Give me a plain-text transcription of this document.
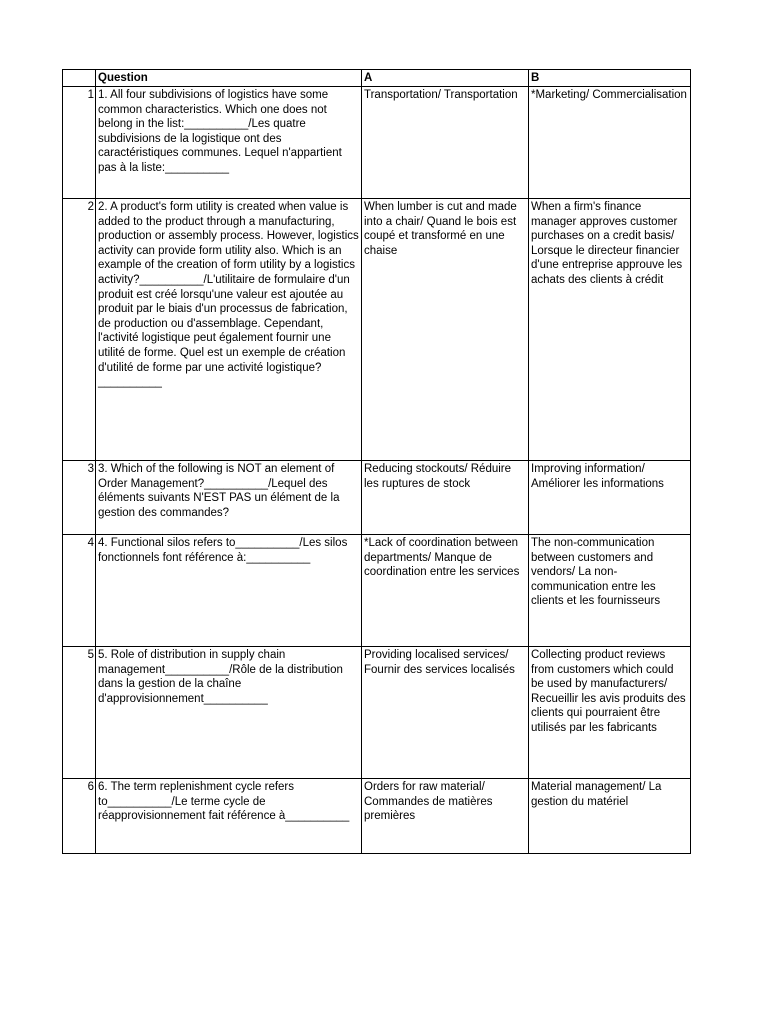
	Question	A	B
1	1. All four subdivisions of logistics have some common characteristics. Which one does not belong in the list:__________/Les quatre subdivisions de la logistique ont des caractéristiques communes. Lequel n'appartient pas à la liste:__________	Transportation/ Transportation	*Marketing/ Commercialisation
2	2. A product's form utility is created when value is added to the product through a manufacturing, production or assembly process. However, logistics activity can provide form utility also. Which is an example of the creation of form utility by a logistics activity?__________/L'utilitaire de formulaire d'un produit est créé lorsqu'une valeur est ajoutée au produit par le biais d'un processus de fabrication, de production ou d'assemblage. Cependant, l'activité logistique peut également fournir une utilité de forme. Quel est un exemple de création d'utilité de forme par une activité logistique?__________	When lumber is cut and made into a chair/ Quand le bois est coupé et transformé en une chaise	When a firm's finance manager approves customer purchases on a credit basis/ Lorsque le directeur financier d'une entreprise approuve les achats des clients à crédit
3	3. Which of the following is NOT an element of Order Management?__________/Lequel des éléments suivants N'EST PAS un élément de la gestion des commandes?	Reducing stockouts/ Réduire les ruptures de stock	Improving information/ Améliorer les informations
4	4. Functional silos refers to__________/Les silos fonctionnels font référence à:__________	*Lack of coordination between departments/ Manque de coordination entre les services	The non-communication between customers and vendors/ La non-communication entre les clients et les fournisseurs
5	5. Role of distribution in supply chain management__________/Rôle de la distribution dans la gestion de la chaîne d'approvisionnement__________	Providing localised services/ Fournir des services localisés	Collecting product reviews from customers which could be used by manufacturers/ Recueillir les avis produits des clients qui pourraient être utilisés par les fabricants
6	6. The term replenishment cycle refers to__________/Le terme cycle de réapprovisionnement fait référence à__________	Orders for raw material/ Commandes de matières premières	Material management/ La gestion du matériel
